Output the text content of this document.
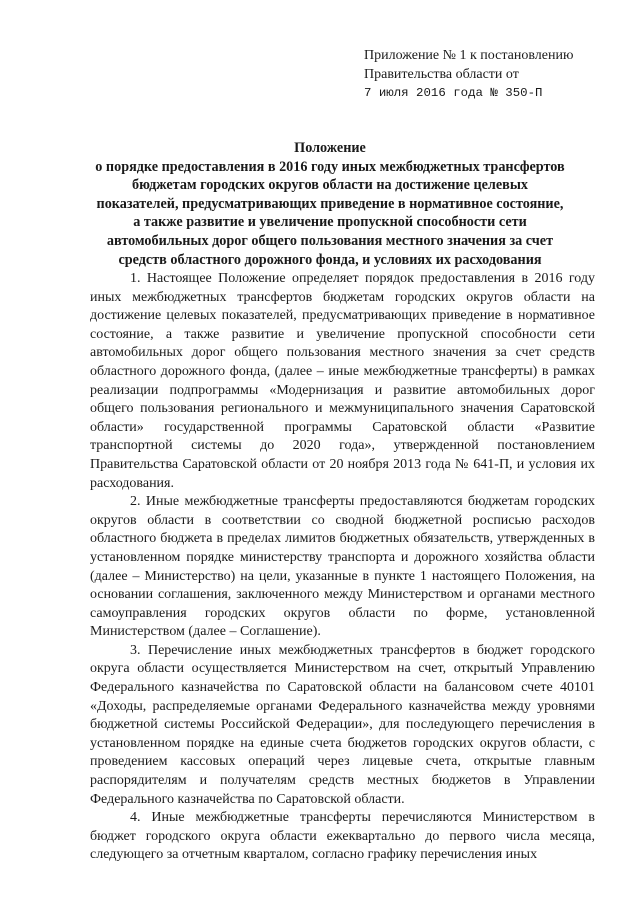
Приложение № 1 к постановлению
Правительства области от
7 июля 2016 года № 350-П
Положение
о порядке предоставления в 2016 году иных межбюджетных трансфертов
бюджетам городских округов области на достижение целевых
показателей, предусматривающих приведение в нормативное состояние,
а также развитие и увеличение пропускной способности сети
автомобильных дорог общего пользования местного значения за счет
средств областного дорожного фонда, и условиях их расходования

1. Настоящее Положение определяет порядок предоставления в 2016 году иных межбюджетных трансфертов бюджетам городских округов области на достижение целевых показателей, предусматривающих приведение в нормативное состояние, а также развитие и увеличение пропускной способности сети автомобильных дорог общего пользования местного значения за счет средств областного дорожного фонда, (далее – иные межбюджетные трансферты) в рамках реализации подпрограммы «Модернизация и развитие автомобильных дорог общего пользования регионального и межмуниципального значения Саратовской области» государственной программы Саратовской области «Развитие транспортной системы до 2020 года», утвержденной постановлением Правительства Саратовской области от 20 ноября 2013 года № 641-П, и условия их расходования.

2. Иные межбюджетные трансферты предоставляются бюджетам городских округов области в соответствии со сводной бюджетной росписью расходов областного бюджета в пределах лимитов бюджетных обязательств, утвержденных в установленном порядке министерству транспорта и дорожного хозяйства области (далее – Министерство) на цели, указанные в пункте 1 настоящего Положения, на основании соглашения, заключенного между Министерством и органами местного самоуправления городских округов области по форме, установленной Министерством (далее – Соглашение).

3. Перечисление иных межбюджетных трансфертов в бюджет городского округа области осуществляется Министерством на счет, открытый Управлению Федерального казначейства по Саратовской области на балансовом счете 40101 «Доходы, распределяемые органами Федерального казначейства между уровнями бюджетной системы Российской Федерации», для последующего перечисления в установленном порядке на единые счета бюджетов городских округов области, с проведением кассовых операций через лицевые счета, открытые главным распорядителям и получателям средств местных бюджетов в Управлении Федерального казначейства по Саратовской области.

4. Иные межбюджетные трансферты перечисляются Министерством в бюджет городского округа области ежеквартально до первого числа месяца, следующего за отчетным кварталом, согласно графику перечисления иных
